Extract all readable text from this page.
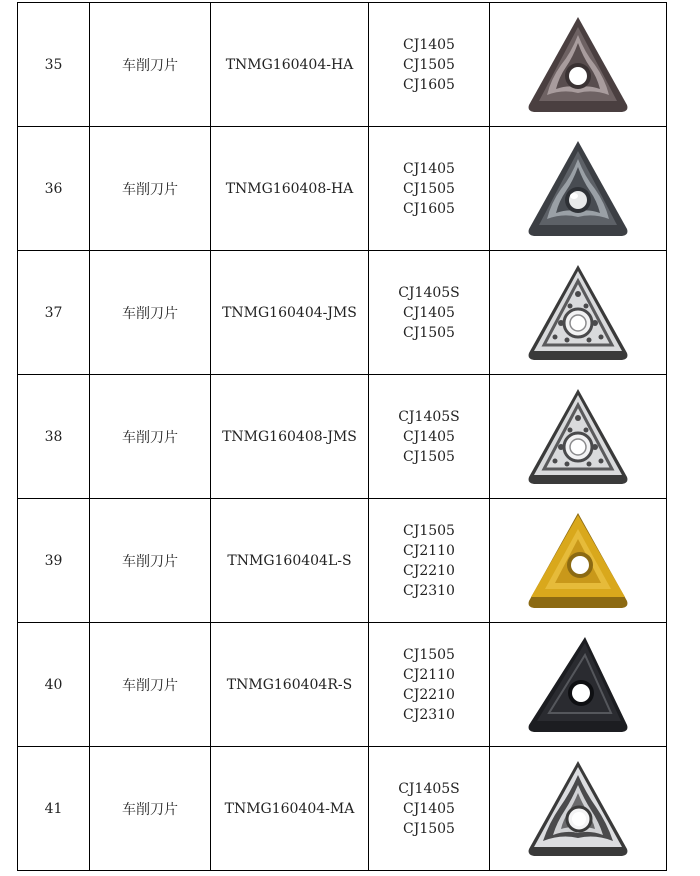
35	车削刀片	TNMG160404-HA	CJ1405
CJ1505
CJ1605

36	车削刀片	TNMG160408-HA	CJ1405
CJ1505
CJ1605

37	车削刀片	TNMG160404-JMS	CJ1405S
CJ1405
CJ1505

38	车削刀片	TNMG160408-JMS	CJ1405S
CJ1405
CJ1505

39	车削刀片	TNMG160404L-S	CJ1505
CJ2110
CJ2210
CJ2310

40	车削刀片	TNMG160404R-S	CJ1505
CJ2110
CJ2210
CJ2310

41	车削刀片	TNMG160404-MA	CJ1405S
CJ1405
CJ1505
